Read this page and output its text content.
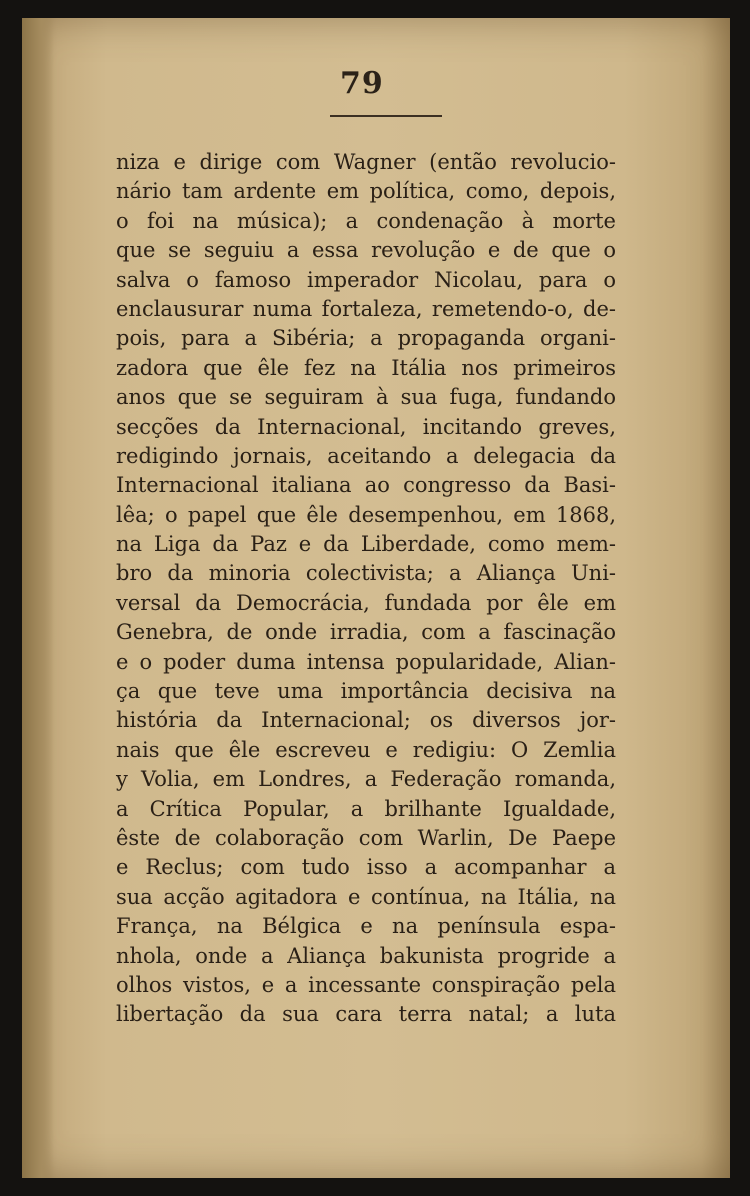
79
niza e dirige com Wagner (então revolucio-
nário tam ardente em política, como, depois,
o foi na música); a condenação à morte
que se seguiu a essa revolução e de que o
salva o famoso imperador Nicolau, para o
enclausurar numa fortaleza, remetendo-o, de-
pois, para a Sibéria; a propaganda organi-
zadora que êle fez na Itália nos primeiros
anos que se seguiram à sua fuga, fundando
secções da Internacional, incitando greves,
redigindo jornais, aceitando a delegacia da
Internacional italiana ao congresso da Basi-
lêa; o papel que êle desempenhou, em 1868,
na Liga da Paz e da Liberdade, como mem-
bro da minoria colectivista; a Aliança Uni-
versal da Democrácia, fundada por êle em
Genebra, de onde irradia, com a fascinação
e o poder duma intensa popularidade, Alian-
ça que teve uma importância decisiva na
história da Internacional; os diversos jor-
nais que êle escreveu e redigiu: O Zemlia
y Volia, em Londres, a Federação romanda,
a Crítica Popular, a brilhante Igualdade,
êste de colaboração com Warlin, De Paepe
e Reclus; com tudo isso a acompanhar a
sua acção agitadora e contínua, na Itália, na
França, na Bélgica e na península espa-
nhola, onde a Aliança bakunista progride a
olhos vistos, e a incessante conspiração pela
libertação da sua cara terra natal; a luta
